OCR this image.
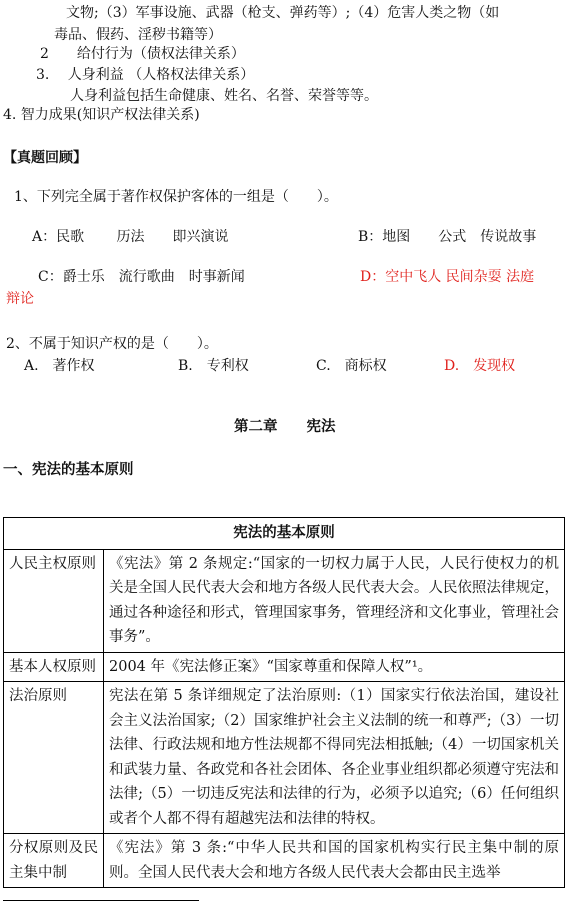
文物;（3）军事设施、武器（枪支、弹药等）;（4）危害人类之物（如
毒品、假药、淫秽书籍等）
2　　给付行为（债权法律关系）
3.　 人身利益 （人格权法律关系）
人身利益包括生命健康、姓名、名誉、荣誉等等。
4. 智力成果(知识产权法律关系)
【真题回顾】
1、下列完全属于著作权保护客体的一组是（　　）。
A：民歌　　 历法　　即兴演说	B：地图　　公式　传说故事
C：爵士乐　流行歌曲　时事新闻	D：空中飞人 民间杂耍 法庭
辩论
2、不属于知识产权的是（　　）。
A.　著作权	B.　专利权	C.　商标权	D.　发现权
第二章　　宪法
一、宪法的基本原则
宪法的基本原则	
人民主权原则	《宪法》第 2 条规定:“国家的一切权力属于人民，人民行使权力的机关是全国人民代表大会和地方各级人民代表大会。人民依照法律规定，通过各种途径和形式，管理国家事务，管理经济和文化事业，管理社会事务”。
基本人权原则	2004 年《宪法修正案》“国家尊重和保障人权”¹。
法治原则	宪法在第 5 条详细规定了法治原则:（1）国家实行依法治国，建设社会主义法治国家;（2）国家维护社会主义法制的统一和尊严;（3）一切法律、行政法规和地方性法规都不得同宪法相抵触;（4）一切国家机关和武装力量、各政党和各社会团体、各企业事业组织都必须遵守宪法和法律;（5）一切违反宪法和法律的行为，必须予以追究;（6）任何组织或者个人都不得有超越宪法和法律的特权。
分权原则及民主集中制	《宪法》第 3 条:“中华人民共和国的国家机构实行民主集中制的原则。全国人民代表大会和地方各级人民代表大会都由民主选举
